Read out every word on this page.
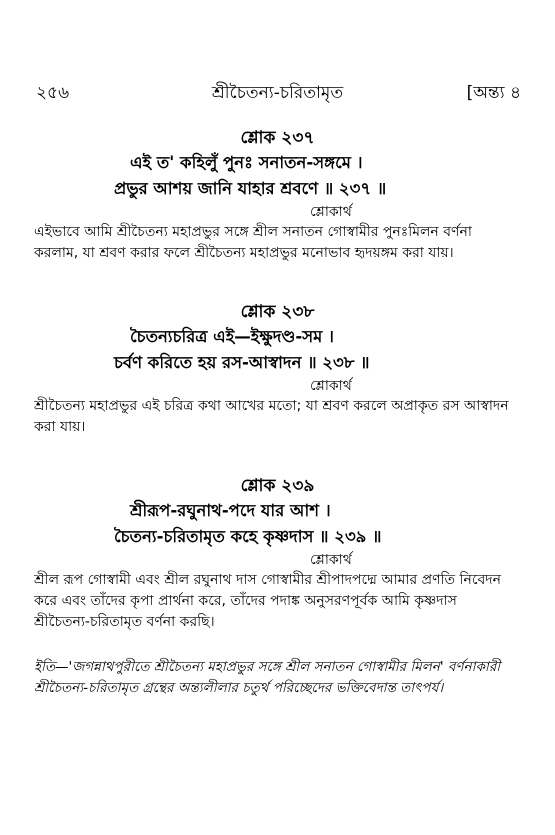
২৫৬	শ্রীচৈতন্য-চরিতামৃত	[অন্ত্য ৪
শ্লোক ২৩৭
এই ত' কহিলুঁ পুনঃ সনাতন-সঙ্গমে ।
প্রভুর আশয় জানি যাহার শ্রবণে ॥ ২৩৭ ॥
শ্লোকার্থ
এইভাবে আমি শ্রীচৈতন্য মহাপ্রভুর সঙ্গে শ্রীল সনাতন গোস্বামীর পুনঃমিলন বর্ণনা
করলাম, যা শ্রবণ করার ফলে শ্রীচৈতন্য মহাপ্রভুর মনোভাব হৃদয়ঙ্গম করা যায়।
শ্লোক ২৩৮
চৈতন্যচরিত্র এই—ইক্ষুদণ্ড-সম ।
চর্বণ করিতে হয় রস-আস্বাদন ॥ ২৩৮ ॥
শ্লোকার্থ
শ্রীচৈতন্য মহাপ্রভুর এই চরিত্র কথা আখের মতো; যা শ্রবণ করলে অপ্রাকৃত রস আস্বাদন
করা যায়।
শ্লোক ২৩৯
শ্রীরূপ-রঘুনাথ-পদে যার আশ ।
চৈতন্য-চরিতামৃত কহে কৃষ্ণদাস ॥ ২৩৯ ॥
শ্লোকার্থ
শ্রীল রূপ গোস্বামী এবং শ্রীল রঘুনাথ দাস গোস্বামীর শ্রীপাদপদ্মে আমার প্রণতি নিবেদন
করে এবং তাঁদের কৃপা প্রার্থনা করে, তাঁদের পদাঙ্ক অনুসরণপূর্বক আমি কৃষ্ণদাস
শ্রীচৈতন্য-চরিতামৃত বর্ণনা করছি।
ইতি—'জগন্নাথপুরীতে শ্রীচৈতন্য মহাপ্রভুর সঙ্গে শ্রীল সনাতন গোস্বামীর মিলন' বর্ণনাকারী
শ্রীচৈতন্য-চরিতামৃত গ্রন্থের অন্ত্যলীলার চতুর্থ পরিচ্ছেদের ভক্তিবেদান্ত তাৎপর্য।
